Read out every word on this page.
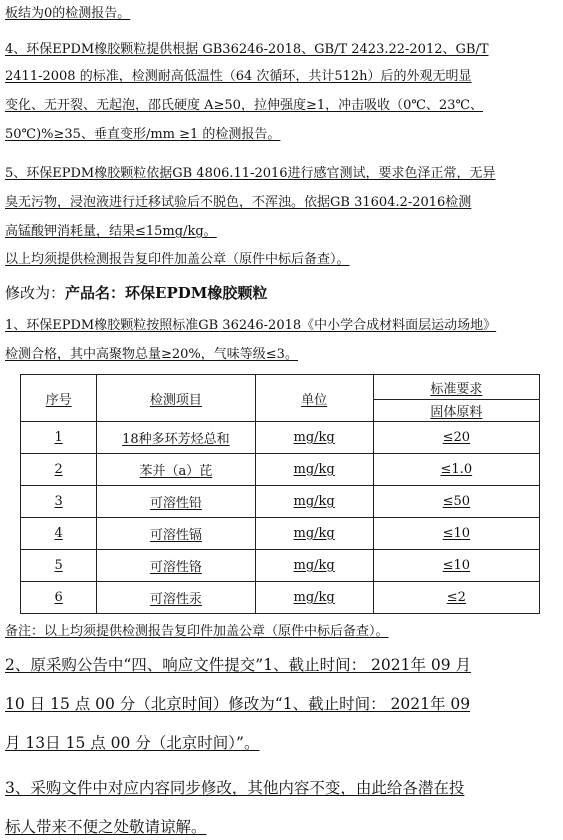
板结为0的检测报告。
4、环保EPDM橡胶颗粒提供根据 GB36246-2018、GB/T 2423.22-2012、GB/T
2411-2008 的标准，检测耐高低温性（64 次循环，共计512h）后的外观无明显
变化、无开裂、无起泡，邵氏硬度 A≥50，拉伸强度≥1，冲击吸收（0℃、23℃、
50℃)%≥35、垂直变形/mm ≥1 的检测报告。
5、环保EPDM橡胶颗粒依据GB 4806.11-2016进行感官测试，要求色泽正常，无异
臭无污物，浸泡液进行迁移试验后不脱色，不浑浊。依据GB 31604.2-2016检测
高锰酸钾消耗量，结果≤15mg/kg。
以上均须提供检测报告复印件加盖公章（原件中标后备查）。
修改为：产品名：环保EPDM橡胶颗粒
1、环保EPDM橡胶颗粒按照标准GB 36246-2018《中小学合成材料面层运动场地》
检测合格，其中高聚物总量≥20%，气味等级≤3。
序号	检测项目	单位	标准要求
			固体原料
1	18种多环芳烃总和	mg/kg	≤20
2	苯并（a）芘	mg/kg	≤1.0
3	可溶性铅	mg/kg	≤50
4	可溶性镉	mg/kg	≤10
5	可溶性铬	mg/kg	≤10
6	可溶性汞	mg/kg	≤2
备注：以上均须提供检测报告复印件加盖公章（原件中标后备查）。
2、原采购公告中“四、响应文件提交”1、截止时间： 2021年 09 月
10 日 15 点 00 分（北京时间）修改为“1、截止时间： 2021年 09
月 13日 15 点 00 分（北京时间）”。
3、采购文件中对应内容同步修改，其他内容不变，由此给各潜在投
标人带来不便之处敬请谅解。
